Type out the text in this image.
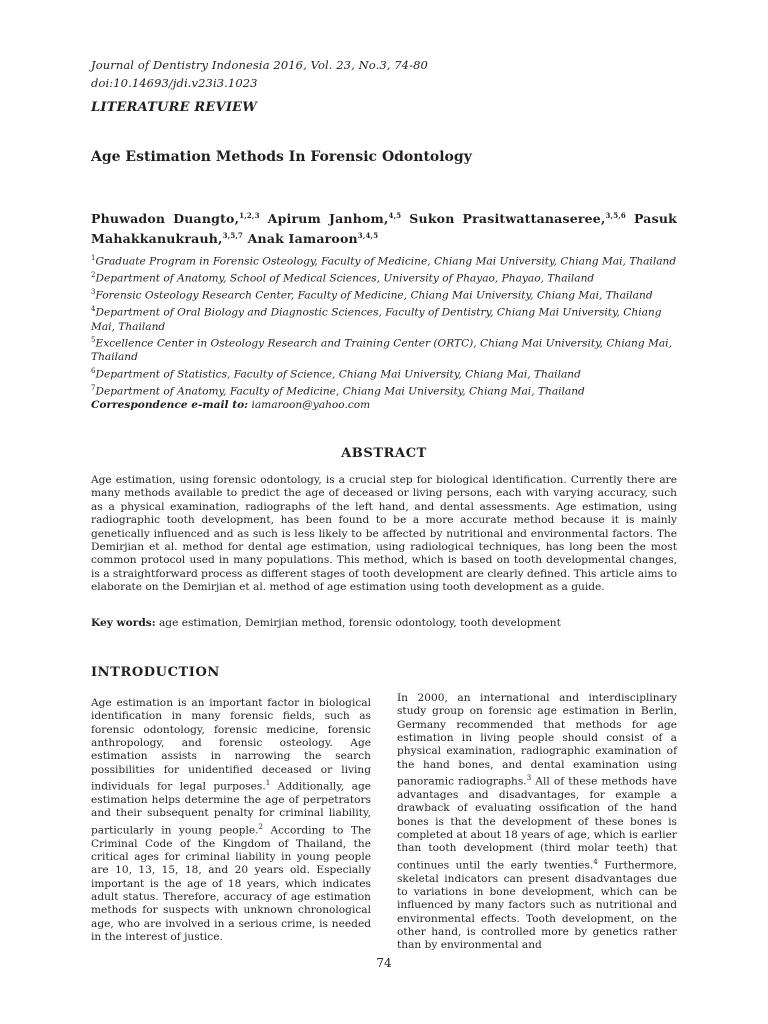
Journal of Dentistry Indonesia 2016, Vol. 23, No.3, 74-80
doi:10.14693/jdi.v23i3.1023
LITERATURE REVIEW
Age Estimation Methods In Forensic Odontology
Phuwadon Duangto,$^{1,2,3}$ Apirum Janhom,$^{4,5}$ Sukon Prasitwattanaseree,$^{3,5,6}$ Pasuk Mahakkanukrauh,$^{3,5,7}$ Anak Iamaroon$^{3,4,5}$
$^1$Graduate Program in Forensic Osteology, Faculty of Medicine, Chiang Mai University, Chiang Mai, Thailand
$^2$Department of Anatomy, School of Medical Sciences, University of Phayao, Phayao, Thailand
$^3$Forensic Osteology Research Center, Faculty of Medicine, Chiang Mai University, Chiang Mai, Thailand
$^4$Department of Oral Biology and Diagnostic Sciences, Faculty of Dentistry, Chiang Mai University, Chiang Mai, Thailand
$^5$Excellence Center in Osteology Research and Training Center (ORTC), Chiang Mai University, Chiang Mai, Thailand
$^6$Department of Statistics, Faculty of Science, Chiang Mai University, Chiang Mai, Thailand
$^7$Department of Anatomy, Faculty of Medicine, Chiang Mai University, Chiang Mai, Thailand
Correspondence e-mail to: iamaroon@yahoo.com
ABSTRACT
Age estimation, using forensic odontology, is a crucial step for biological identification. Currently there are many methods available to predict the age of deceased or living persons, each with varying accuracy, such as a physical examination, radiographs of the left hand, and dental assessments. Age estimation, using radiographic tooth development, has been found to be a more accurate method because it is mainly genetically influenced and as such is less likely to be affected by nutritional and environmental factors. The Demirjian et al. method for dental age estimation, using radiological techniques, has long been the most common protocol used in many populations. This method, which is based on tooth developmental changes, is a straightforward process as different stages of tooth development are clearly defined. This article aims to elaborate on the Demirjian et al. method of age estimation using tooth development as a guide.
Key words: age estimation, Demirjian method, forensic odontology, tooth development
INTRODUCTION
Age estimation is an important factor in biological identification in many forensic fields, such as forensic odontology, forensic medicine, forensic anthropology, and forensic osteology. Age estimation assists in narrowing the search possibilities for unidentified deceased or living individuals for legal purposes.$^1$ Additionally, age estimation helps determine the age of perpetrators and their subsequent penalty for criminal liability, particularly in young people.$^2$ According to The Criminal Code of the Kingdom of Thailand, the critical ages for criminal liability in young people are 10, 13, 15, 18, and 20 years old. Especially important is the age of 18 years, which indicates adult status. Therefore, accuracy of age estimation methods for suspects with unknown chronological age, who are involved in a serious crime, is needed in the interest of justice.
In 2000, an international and interdisciplinary study group on forensic age estimation in Berlin, Germany recommended that methods for age estimation in living people should consist of a physical examination, radiographic examination of the hand bones, and dental examination using panoramic radiographs.$^3$ All of these methods have advantages and disadvantages, for example a drawback of evaluating ossification of the hand bones is that the development of these bones is completed at about 18 years of age, which is earlier than tooth development (third molar teeth) that continues until the early twenties.$^4$ Furthermore, skeletal indicators can present disadvantages due to variations in bone development, which can be influenced by many factors such as nutritional and environmental effects. Tooth development, on the other hand, is controlled more by genetics rather than by environmental and
74
